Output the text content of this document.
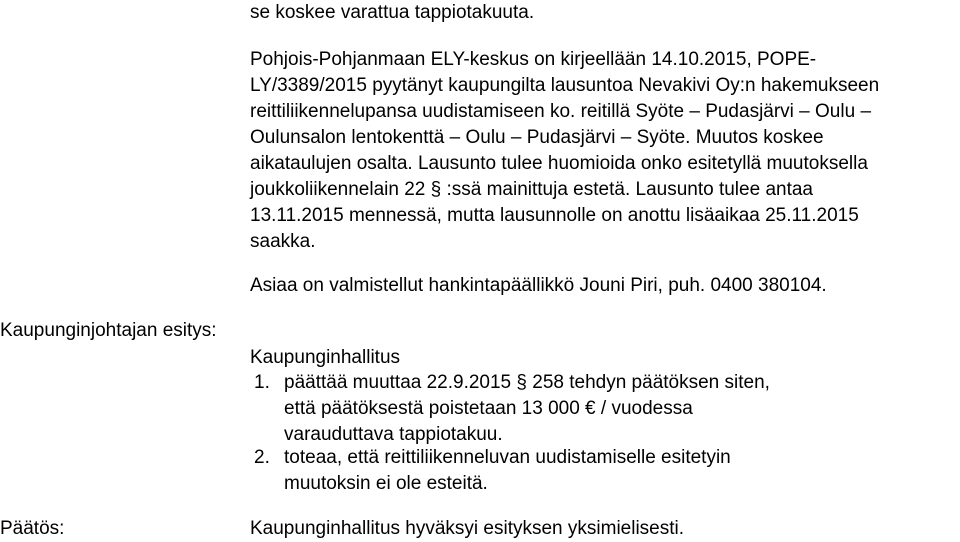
se koskee varattua tappiotakuuta.
Pohjois-Pohjanmaan ELY-keskus on kirjeellään 14.10.2015, POPE-
LY/3389/2015 pyytänyt kaupungilta lausuntoa Nevakivi Oy:n hakemukseen
reittiliikennelupansa uudistamiseen ko. reitillä Syöte – Pudasjärvi – Oulu –
Oulunsalon lentokenttä – Oulu – Pudasjärvi – Syöte. Muutos koskee
aikataulujen osalta. Lausunto tulee huomioida onko esitetyllä muutoksella
joukkoliikennelain 22 § :ssä mainittuja estetä. Lausunto tulee antaa
13.11.2015 mennessä, mutta lausunnolle on anottu lisäaikaa 25.11.2015
saakka.
Asiaa on valmistellut hankintapäällikkö Jouni Piri, puh. 0400 380104.
Kaupunginjohtajan esitys:
Kaupunginhallitus
1. päättää muuttaa 22.9.2015 § 258 tehdyn päätöksen siten,
että päätöksestä poistetaan 13 000 € / vuodessa
varauduttava tappiotakuu.
2. toteaa, että reittiliikenneluvan uudistamiselle esitetyin
muutoksin ei ole esteitä.
Päätös:	Kaupunginhallitus hyväksyi esityksen yksimielisesti.
